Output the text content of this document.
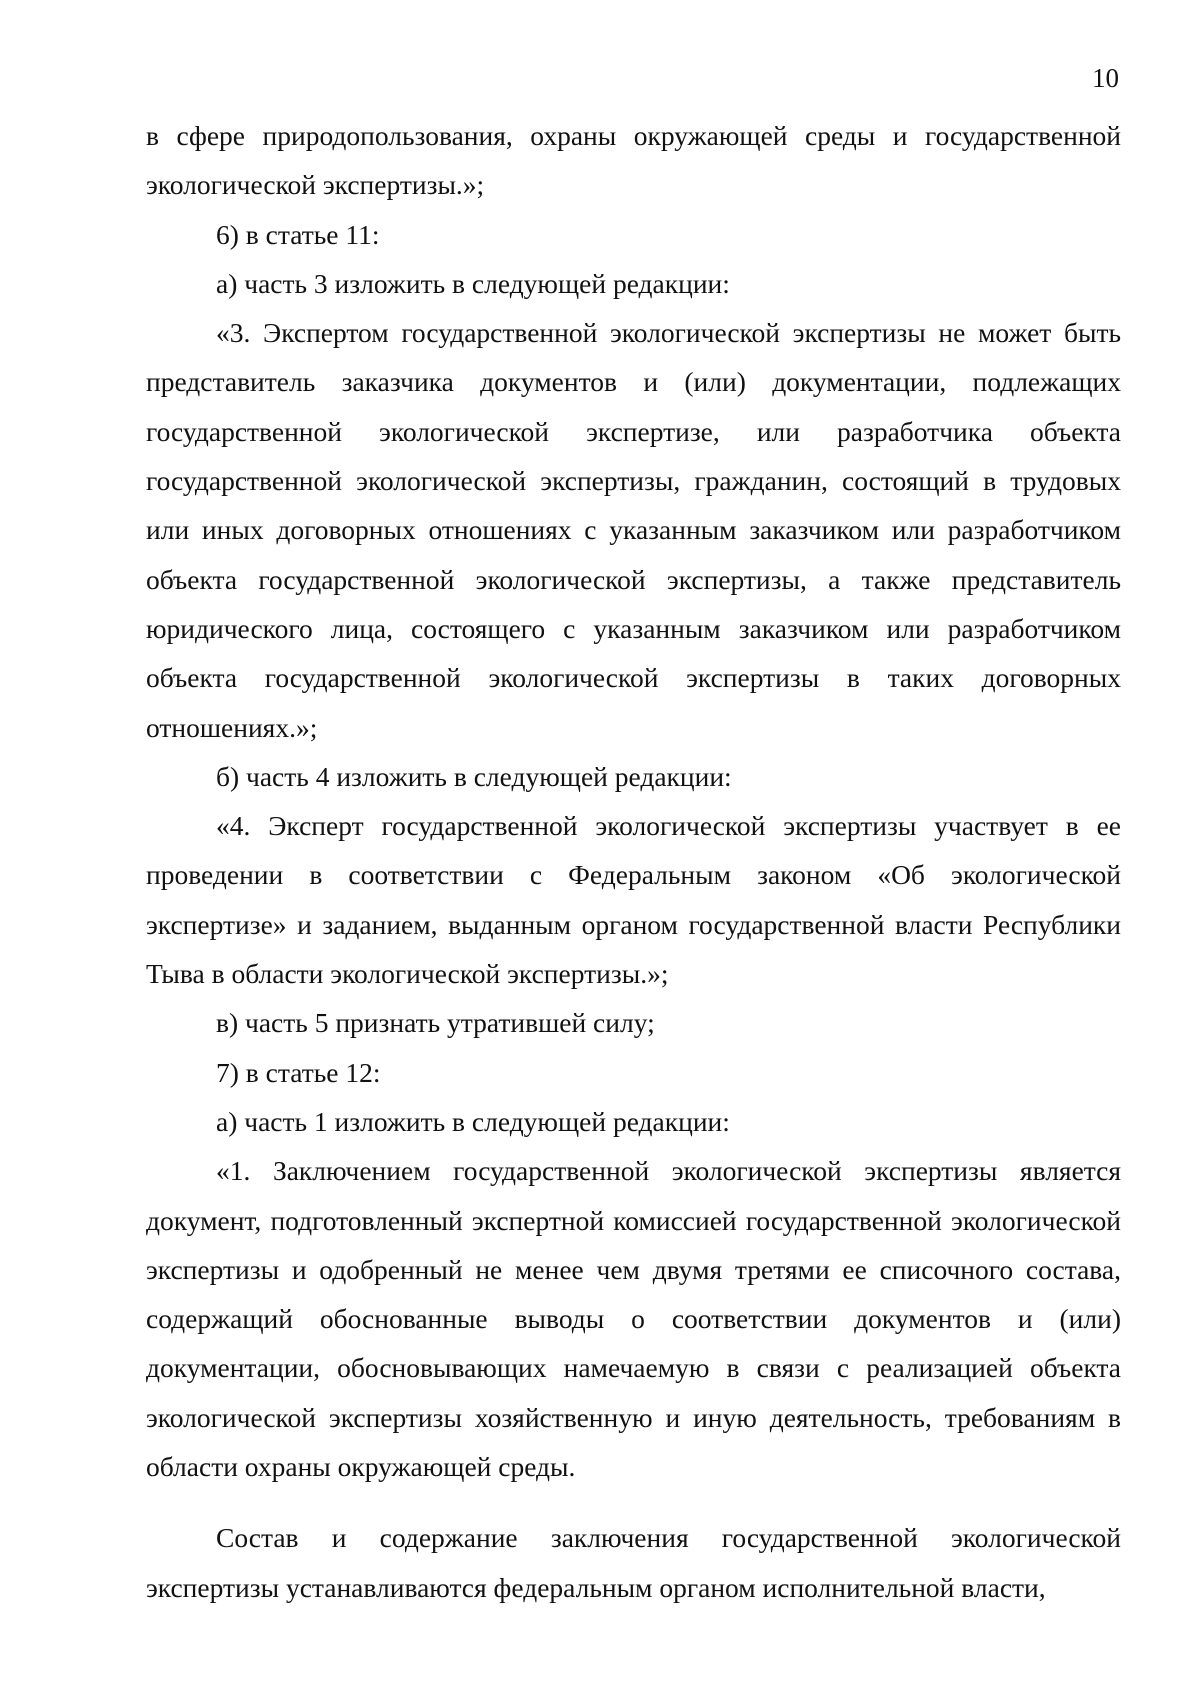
10

в сфере природопользования, охраны окружающей среды и государственной экологической экспертизы.»;

6) в статье 11:

а) часть 3 изложить в следующей редакции:

«3. Экспертом государственной экологической экспертизы не может быть представитель заказчика документов и (или) документации, подлежащих государственной экологической экспертизе, или разработчика объекта государственной экологической экспертизы, гражданин, состоящий в трудовых или иных договорных отношениях с указанным заказчиком или разработчиком объекта государственной экологической экспертизы, а также представитель юридического лица, состоящего с указанным заказчиком или разработчиком объекта государственной экологической экспертизы в таких договорных отношениях.»;

б) часть 4 изложить в следующей редакции:

«4. Эксперт государственной экологической экспертизы участвует в ее проведении в соответствии с Федеральным законом «Об экологической экспертизе» и заданием, выданным органом государственной власти Республики Тыва в области экологической экспертизы.»;

в) часть 5 признать утратившей силу;

7) в статье 12:

а) часть 1 изложить в следующей редакции:

«1. Заключением государственной экологической экспертизы является документ, подготовленный экспертной комиссией государственной экологической экспертизы и одобренный не менее чем двумя третями ее списочного состава, содержащий обоснованные выводы о соответствии документов и (или) документации, обосновывающих намечаемую в связи с реализацией объекта экологической экспертизы хозяйственную и иную деятельность, требованиям в области охраны окружающей среды.

Состав и содержание заключения государственной экологической экспертизы устанавливаются федеральным органом исполнительной власти,
